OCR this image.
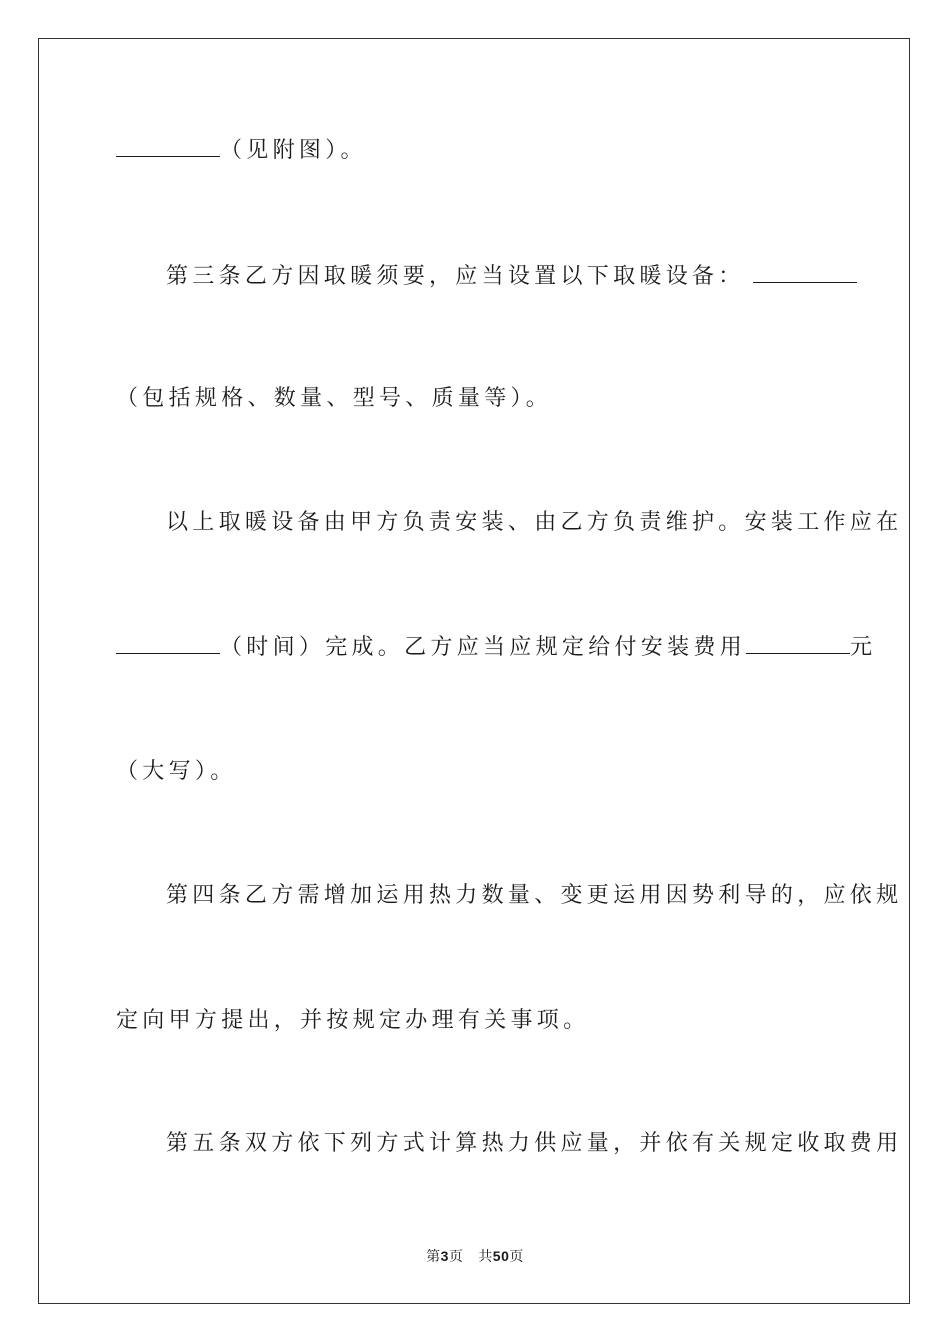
（见附图）。
第三条乙方因取暖须要，应当设置以下取暖设备：
（包括规格、数量、型号、质量等）。
以上取暖设备由甲方负责安装、由乙方负责维护。安装工作应在
（时间）完成。乙方应当应规定给付安装费用	元
（大写）。
第四条乙方需增加运用热力数量、变更运用因势利导的，应依规
定向甲方提出，并按规定办理有关事项。
第五条双方依下列方式计算热力供应量，并依有关规定收取费用
第3页 共50页
